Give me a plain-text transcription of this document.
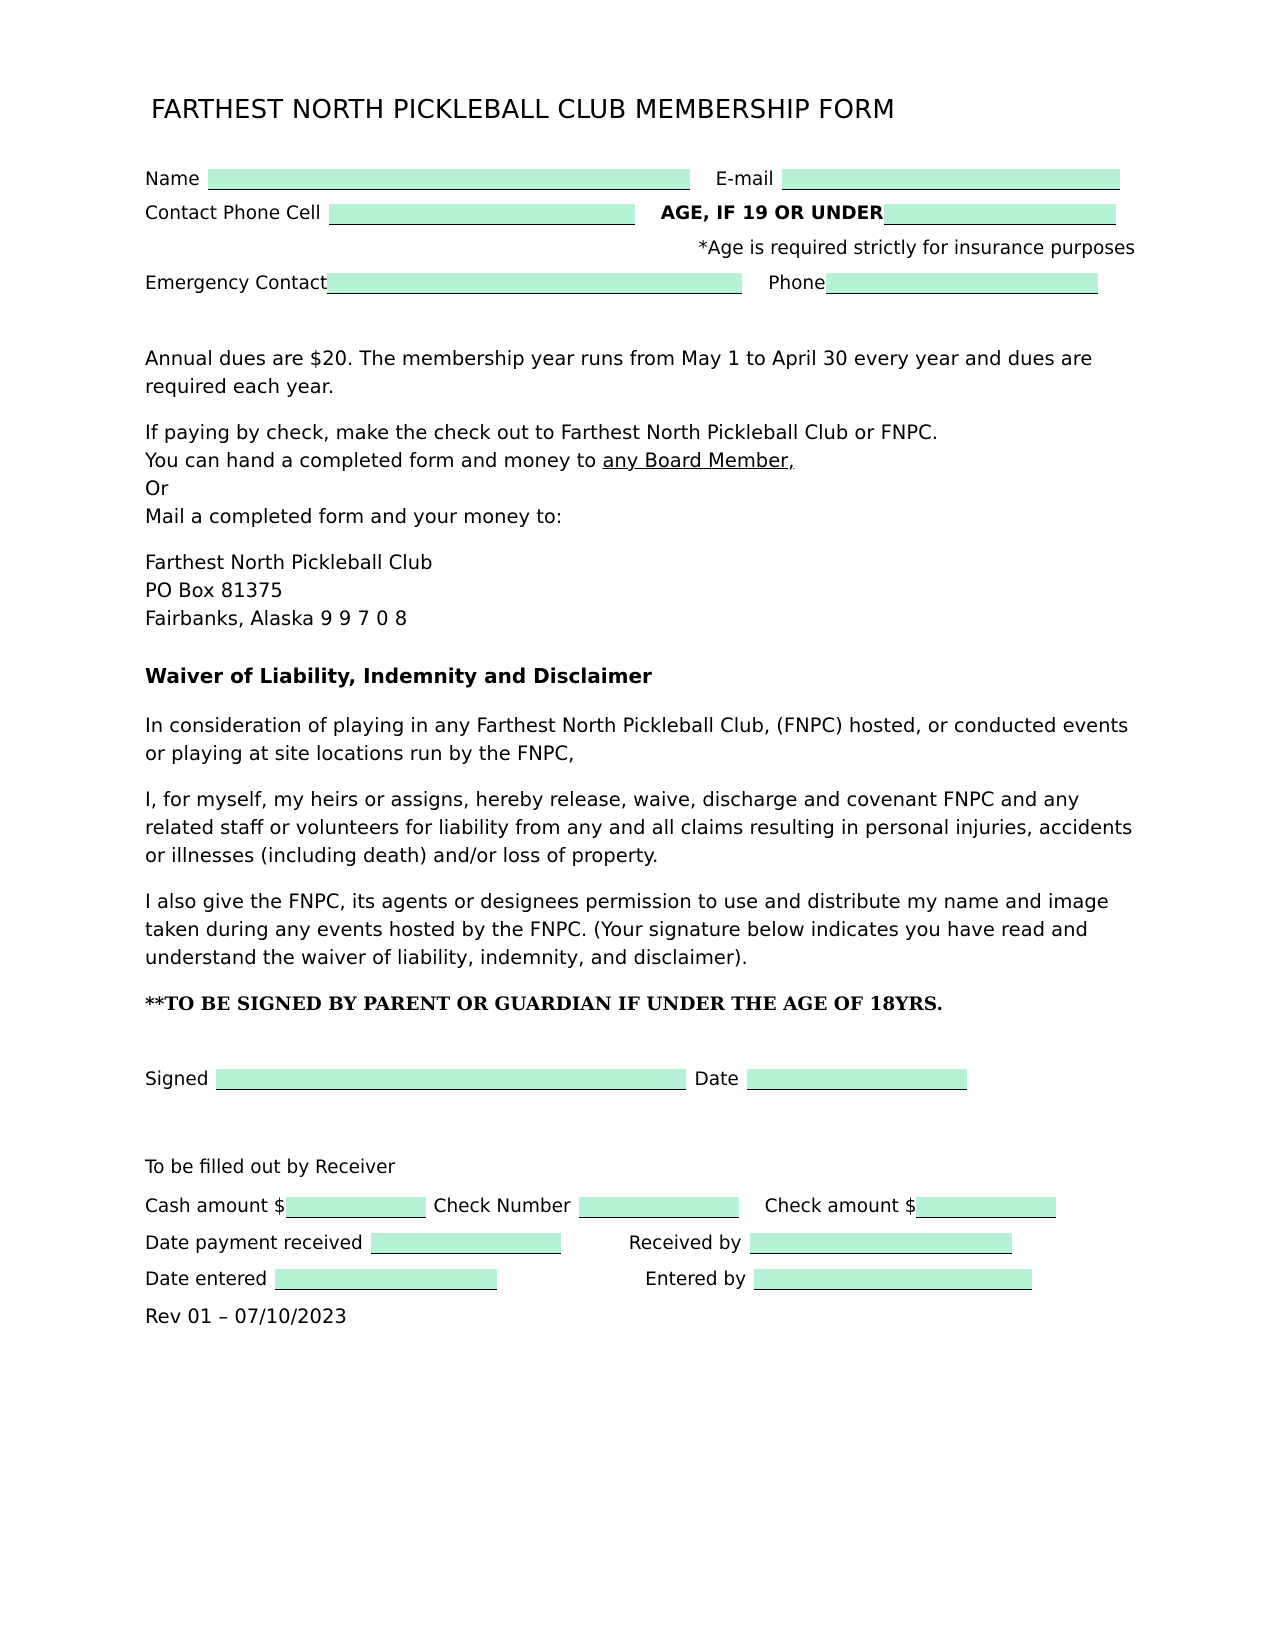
FARTHEST NORTH PICKLEBALL CLUB MEMBERSHIP FORM
Name	E-mail
Contact Phone Cell	AGE, IF 19 OR UNDER
*Age is required strictly for insurance purposes
Emergency Contact	Phone

Annual dues are $20. The membership year runs from May 1 to April 30 every year and dues are required each year.

If paying by check, make the check out to Farthest North Pickleball Club or FNPC.
You can hand a completed form and money to any Board Member,
Or
Mail a completed form and your money to:
Farthest North Pickleball Club
PO Box 81375
Fairbanks, Alaska 9 9 7 0 8
Waiver of Liability, Indemnity and Disclaimer

In consideration of playing in any Farthest North Pickleball Club, (FNPC) hosted, or conducted events or playing at site locations run by the FNPC,

I, for myself, my heirs or assigns, hereby release, waive, discharge and covenant FNPC and any related staff or volunteers for liability from any and all claims resulting in personal injuries, accidents or illnesses (including death) and/or loss of property.

I also give the FNPC, its agents or designees permission to use and distribute my name and image taken during any events hosted by the FNPC. (Your signature below indicates you have read and understand the waiver of liability, indemnity, and disclaimer).

**TO BE SIGNED BY PARENT OR GUARDIAN IF UNDER THE AGE OF 18YRS.

Signed	Date
To be filled out by Receiver
Cash amount $	Check Number	Check amount $
Date payment received	Received by
Date entered	Entered by
Rev 01 – 07/10/2023
